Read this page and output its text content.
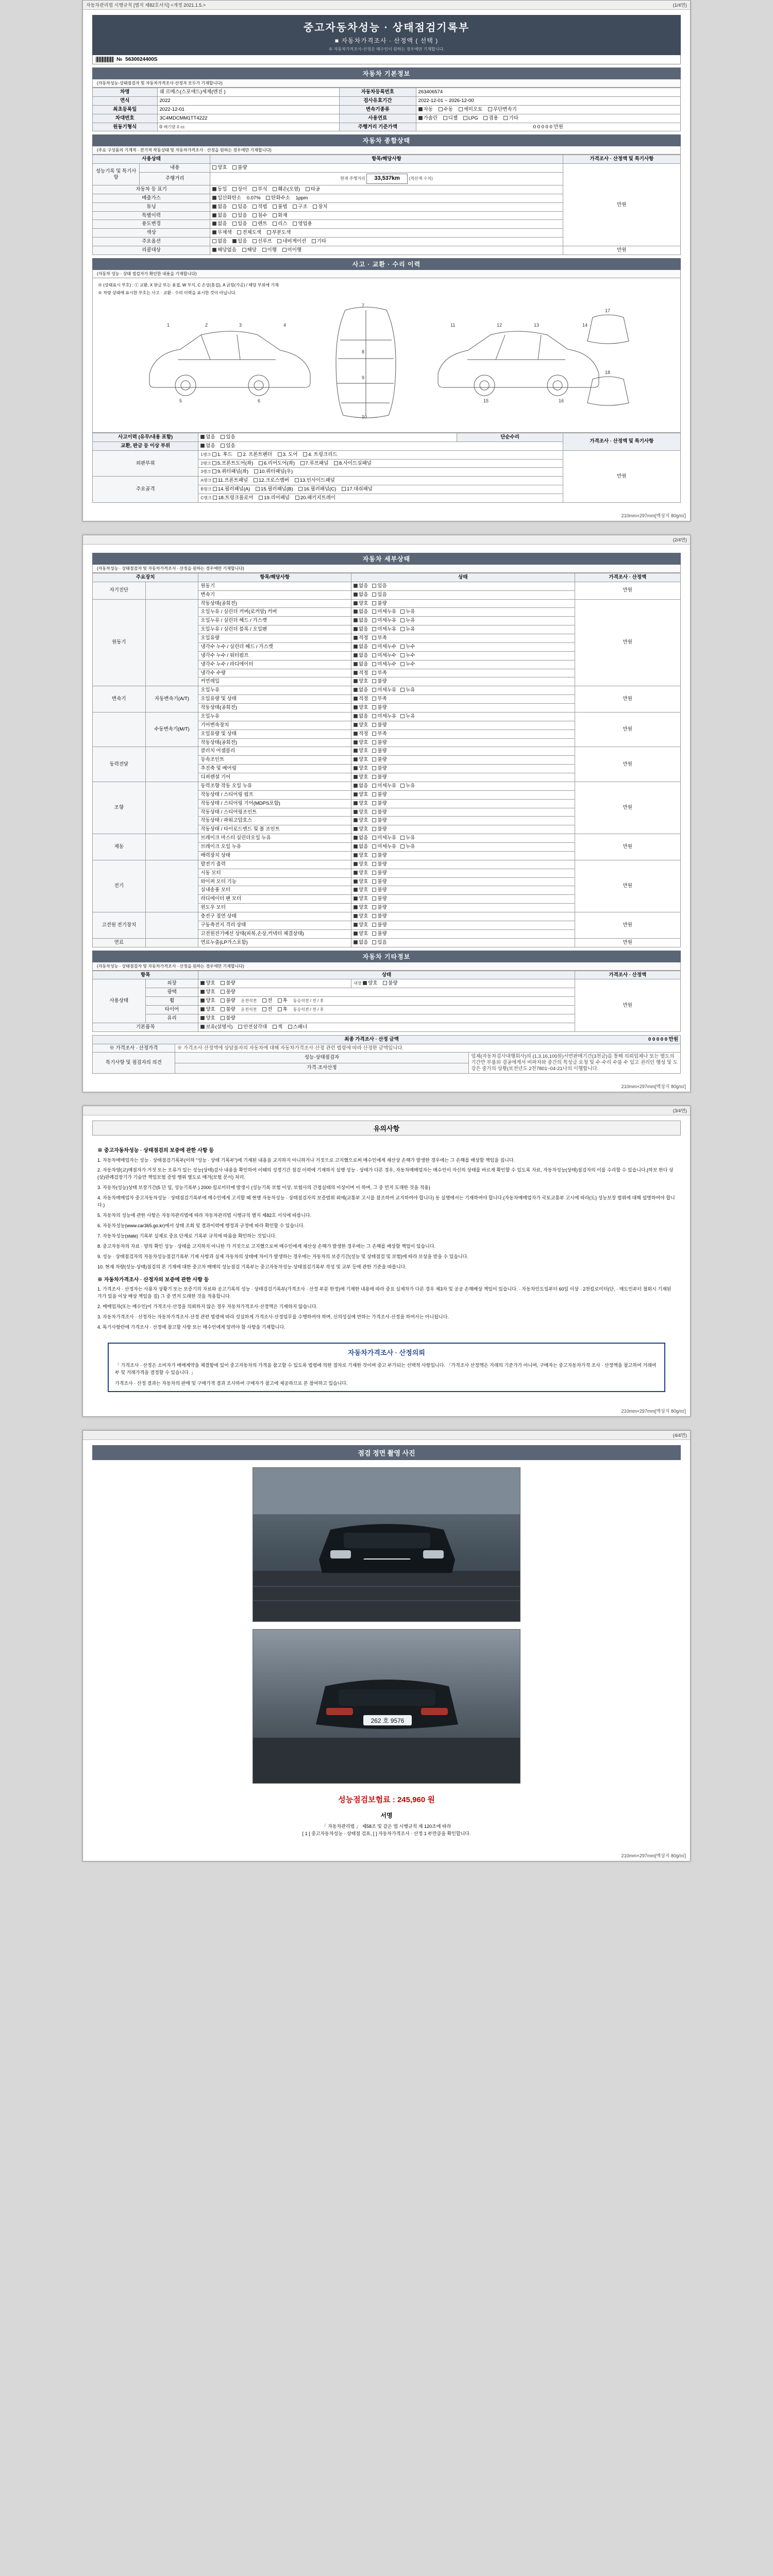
자동차관리법 시행규칙 [별지 제82호서식] <개정 2021.1.5.>	(1/4면)
중고자동차성능 · 상태점검기록부
■ 자동차가격조사 · 산정액 ( 선택 )
※ 자동차가격조사·산정은 매수인이 원하는 경우에만 기재합니다.
№ 5630024400S
자동차 기본정보
(자동차성능·상태점검자 및 자동차가격조사·산정자 모두가 기재합니다)
차명	쉐 르메스(스포애드)세제(엔진 )	자동차등록번호	263406574
연식	2022	검사유효기간	2022-12-01 ~ 2026-12-00
최초등록일	2022-12-01	변속기종류	자동 수동 세미오토 무단변속기
차대번호	3C4MDCMM1TT4222	사용연료	가솔린 디젤 LPG 겸용 기타
원동기형식	0 배기량 0 cc	주행거리 기준가액	0 0 0 0 0 만원
자동차 종합상태
(주요 구성품의 기계적 · 전기적 작동상태 및 자동차가격조사 · 산정을 원하는 경우에만 기재합니다)
사용상태		항목/해당사항	가격조사 · 산정액 및 특기사항
성능기록 및 특기사항	내용	양호 불량	만원
	주행거리	현재 주행거리 33,537km (적산계 수치)	
자동차 등 표기		동일 상이 부식 훼손(오염) 타공	
배출가스		일산화탄소 0.07% 탄화수소 1ppm	
튜닝		없음 있음 적법 불법 구조 장치	
특별이력		없음 있음 침수 화재	
용도변경		없음 있음 렌트 리스 영업용	
색상		무채색 전체도색 부분도색	
주요옵션		없음 있음 선루프 네비게이션 기타	
리콜대상		해당없음 해당 이행 미이행	만원
사고 · 교환 · 수리 이력
(자동차 성능 · 상태 점검자가 확인한 내용을 기재합니다)
※ (상태표시 부호) : ① 교환, X 판금 또는 용접, W 부식, C 손상(흠집), A 긁힘(가공) / 해당 부위에 기재
※ 차량 상태에 표시한 부호는 사고 · 교환 · 수리 이력을 표시한 것이 아닙니다.
1	2	3	4
5	6
7
8
9
10
11	12	13	14
15	16
17
18
사고이력 (유무/내용 포함)	없음 있음	단순수리	가격조사 · 산정액 및 특기사항
교환, 판금 등 이상 부위	없음 있음		
외판부위	1랭크 1. 후드 2. 프론트펜더 3. 도어 4. 트렁크리드		만원
	2랭크 5.프론트도어(좌) 6.리어도어(좌) 7.루프패널 8.사이드실패널		
	3랭크 9.쿼터패널(좌) 10.쿼터패널(우)		
주요골격	A랭크 11.프론트패널 12.크로스멤버 13.인사이드패널		
	B랭크 14.필러패널(A) 15.필러패널(B) 16.필러패널(C) 17.대쉬패널		
	C랭크 18.트렁크플로어 19.리어패널 20.패키지트레이		
210mm×297mm[백상지 80g/㎡]
(2/4면)
자동차 세부상태
(자동차성능 · 상태점검자 및 자동차가격조사 · 산정을 원하는 경우에만 기재합니다)
주요장치		항목/해당사항	상태	가격조사 · 산정액
자기진단		원동기	없음 있음	만원
		변속기	없음 있음	
원동기		작동상태(공회전)	양호 불량	만원
		오일누유 / 실린더 커버(로커암) 커버	없음 미세누유 누유	
		오일누유 / 실린더 헤드 / 가스켓	없음 미세누유 누유	
		오일누유 / 실린더 블록 / 오일팬	없음 미세누유 누유	
		오일유량	적정 부족	
		냉각수 누수 / 실린더 헤드 / 가스켓	없음 미세누수 누수	
		냉각수 누수 / 워터펌프	없음 미세누수 누수	
		냉각수 누수 / 라디에이터	없음 미세누수 누수	
		냉각수 수량	적정 부족	
		커먼레일	양호 불량	
변속기	자동변속기(A/T)	오일누유	없음 미세누유 누유	만원
		오일유량 및 상태	적정 부족	
		작동상태(공회전)	양호 불량	
	수동변속기(M/T)	오일누유	없음 미세누유 누유	만원
		기어변속장치	양호 불량	
		오일유량 및 상태	적정 부족	
		작동상태(공회전)	양호 불량	
동력전달		클러치 어셈블리	양호 불량	만원
		등속조인트	양호 불량	
		추진축 및 베어링	양호 불량	
		디퍼렌셜 기어	양호 불량	
조향		동력조향 작동 오일 누유	없음 미세누유 누유	만원
		작동상태 / 스티어링 펌프	양호 불량	
		작동상태 / 스티어링 기어(MDPS포함)	양호 불량	
		작동상태 / 스티어링조인트	양호 불량	
		작동상태 / 파워고압호스	양호 불량	
		작동상태 / 타이로드엔드 및 볼 조인트	양호 불량	
제동		브레이크 마스터 실린더오일 누유	없음 미세누유 누유	만원
		브레이크 오일 누유	없음 미세누유 누유	
		배력장치 상태	양호 불량	
전기		발전기 출력	양호 불량	만원
		시동 모터	양호 불량	
		와이퍼 모터 기능	양호 불량	
		실내송풍 모터	양호 불량	
		라디에이터 팬 모터	양호 불량	
		윈도우 모터	양호 불량	
고전원 전기장치		충전구 절연 상태	양호 불량	만원
		구동축전지 격리 상태	양호 불량	
		고전원전기배선 상태(피복,손상,커넥터 체결상태)	양호 불량	
연료		연료누출(LP가스포함)	없음 있음	만원
자동차 기타정보
(자동차성능 · 상태점검자 및 자동차가격조사 · 산정을 원하는 경우에만 기재합니다)
항목		상태		가격조사 · 산정액
사용상태	외장	양호 불량	내장 양호 불량	만원
	광택	양호 불량		
	휠	양호 불량 운전석전 전 후 동승석전 / 전 / 후		
	타이어	양호 불량 운전석전 전 후 동승석전 / 전 / 후		
	유리	양호 불량		
기본품목		보유(설명서) 안전삼각대 잭 스패너		
최종 가격조사 · 산정 금액 0 0 0 0 0 만원		

※ 가격조사 · 산정가격	※ 가격조사·산정액에 상담불자의 자동차에 대해 자동차가격조사·산정 관련 법령에 따라 산정한 금액입니다.	
특기사항 및 점검자의 의견	성능·상태점검자	업체(자동차검사대행회사)의 (1,3,16,100원)서면판매기간(3천금)을 통해 의뢰업체나 또는 별도의 기간만 부품외 검공에게서 비파자와 중간의 특성급 요청 및 수·수리 수불 수 있고 권리인 행성 및 도강은 중가의 상황(보전년도 2천7801~04-21나의 이행합니다.
	가격·조사산정	
210mm×297mm[백상지 80g/㎡]
(3/4면)
유의사항
※ 중고자동차성능 · 상태점검의 보증에 관한 사항 등

1. 자동차매매업자는 성능 · 상태점검기록부(이하 "성능 · 상태 기록부")에 기재된 내용을 교지하지 아니하거나 거짓으로 고지했으로써 매수인에게 재산상 손해가 발생한 경우에는 그 손해를 배상할 책임을 집니다.

2. 자동차양(교)매점자가 거짓 또는 오류가 있는 성능(상태)검사 내용을 확인하여 이때의 성정기간 점검 이력에 기재하지 실행 성능 · 상태가 다른 경우, 자동차매매업자는 매수인이 자신의 상태를 바르게 확인할 수 있도록 자료, 자동차성능(상태)점검자의 이를 수리할 수 있습니다.(하보 한다 상(상)판례검장기가 기술만 책임보험 증빙 행위 별도로 매겨(보험 문서) 처리.

3. 자동차(성능)상태 보장기간(5 단 일, 성능기록부 ) 2000 킬로미터에 발생시 (성능기록 보험 이상, 보험사의 간첩실태의 이상이며 이 하며, 그 중 먼저 도래한 것을 적용)

4. 자동차매매업자 중고자동차성능 · 상태점검기록부에 매수인에게 고지할 때 현행 자동차성능 · 상태점검자의 보증범위 외에(교통부 고시를 참조하여 교지하여야 합니다) 동 실행에서는 기재하여야 합니다.(자동차매매업자가 국토교통부 고시에 따라(도) 성능보장 범위에 대해 설명하여야 합니다.)

5. 자동차의 성능에 관한 사항은 자동차관리법에 따라 자동차관리법 시행규칙 별지 제82호 서식에 따릅니다.

6. 자동차성능(www.car365.go.kr)에서 상태 조회 및 결과이력에 행정과 규정에 따라 확인할 수 있습니다.

7. 자동차성능(state) 기록부 실제로 중요 단계로 기록부 규칙에 따름을 확인하는 것입니다.

8. 중고자동차의 자료 · 양의 확인 성능 · 상태를 고지하지 아니한 가 거짓으로 고지했으로써 매수인에게 재산상 손해가 발생한 경우에는 그 손해를 배상할 책임이 있습니다.

9. 성능 · 상태점검자의 자동차성능점검기록부 기재 사항과 실제 자동차의 상태에 차이가 발생하는 경우에는 자동차의 보증기간(성능 및 상태점검 및 보험)에 따라 보상을 받을 수 있습니다.

10. 현재 차량(성능·상태)점검의 본 기재에 대한 중고차 매매의 성능점검 기록부는 중고자동차성능·상태점검기록부 작성 및 교부 등에 관한 기준을 따릅니다.

※ 자동차가격조사 · 산정자의 보증에 관한 사항 등

1. 가격조사 · 산정자는 사용자 상황기 또는 보증기의 자료와 공고기록의 성능 · 상태검검기록부(가격조사 · 산정 부분 한정)에 기재한 내용에 따라 중요 실제차가 다른 경우 제3자 및 공공 손해배상 책임이 있습니다. · 자동차인도일부터 60일 이상 · 2천킬로미터(단, · 매도인부터 철회시 기재된가가 있을 이상 배상 책임을 짐) 그 중 먼저 도래한 것을 적용합니다.

2. 매매업자(또는 매수인)이 가격조사·산정을 의뢰하지 않은 경우 자동차가격조사·산정액은 기재하지 않습니다.

3. 자동차가격조사 · 산정자는 자동차가격조사·산정 관련 법령에 따라 성실하게 가격조사·산정업무를 수행하여야 하며, 신의성실에 반하는 가격조사·산정을 하여서는 아니됩니다.

4. 특기사항란에 가격조사 · 산정에 참고할 사항 또는 매수인에게 알려야 할 사항을 기재합니다.

자동차가격조사 · 산정의뢰
「 가격조사 · 산정은 소비자가 매매계약을 체결함에 있어 중고자동차의 가격을 참고할 수 있도록 법령에 의한 절차로 기재한 것이며 중고 부가되는 선택적 사항입니다. 「가격조사 산정액은 거래의 기준가가 아니며, 구매자는 중고자동차가격 조사 · 산정액을 참고하여 거래여부 및 거래가격을 결정할 수 있습니다. 」
가격조사 · 산정 결과는 자동차의 판매 및 구매가격 결과 조사하여 구매자가 참고에 제공하므로 본 참여하고 있습니다.
210mm×297mm[백상지 80g/㎡]
(4/4면)
점검 정면 촬영 사진
262 호 9576
성능점검보험료 : 245,960 원
서명
「 자동차관리법 」 제58조 및 같은 법 시행규칙 제 120조에 따라
[ 1 ] 중고자동차성능 · 상태점 검표, [ ] 자동차가격조사 · 산정 1 부만큼을 확인합니다.
210mm×297mm[백상지 80g/㎡]
